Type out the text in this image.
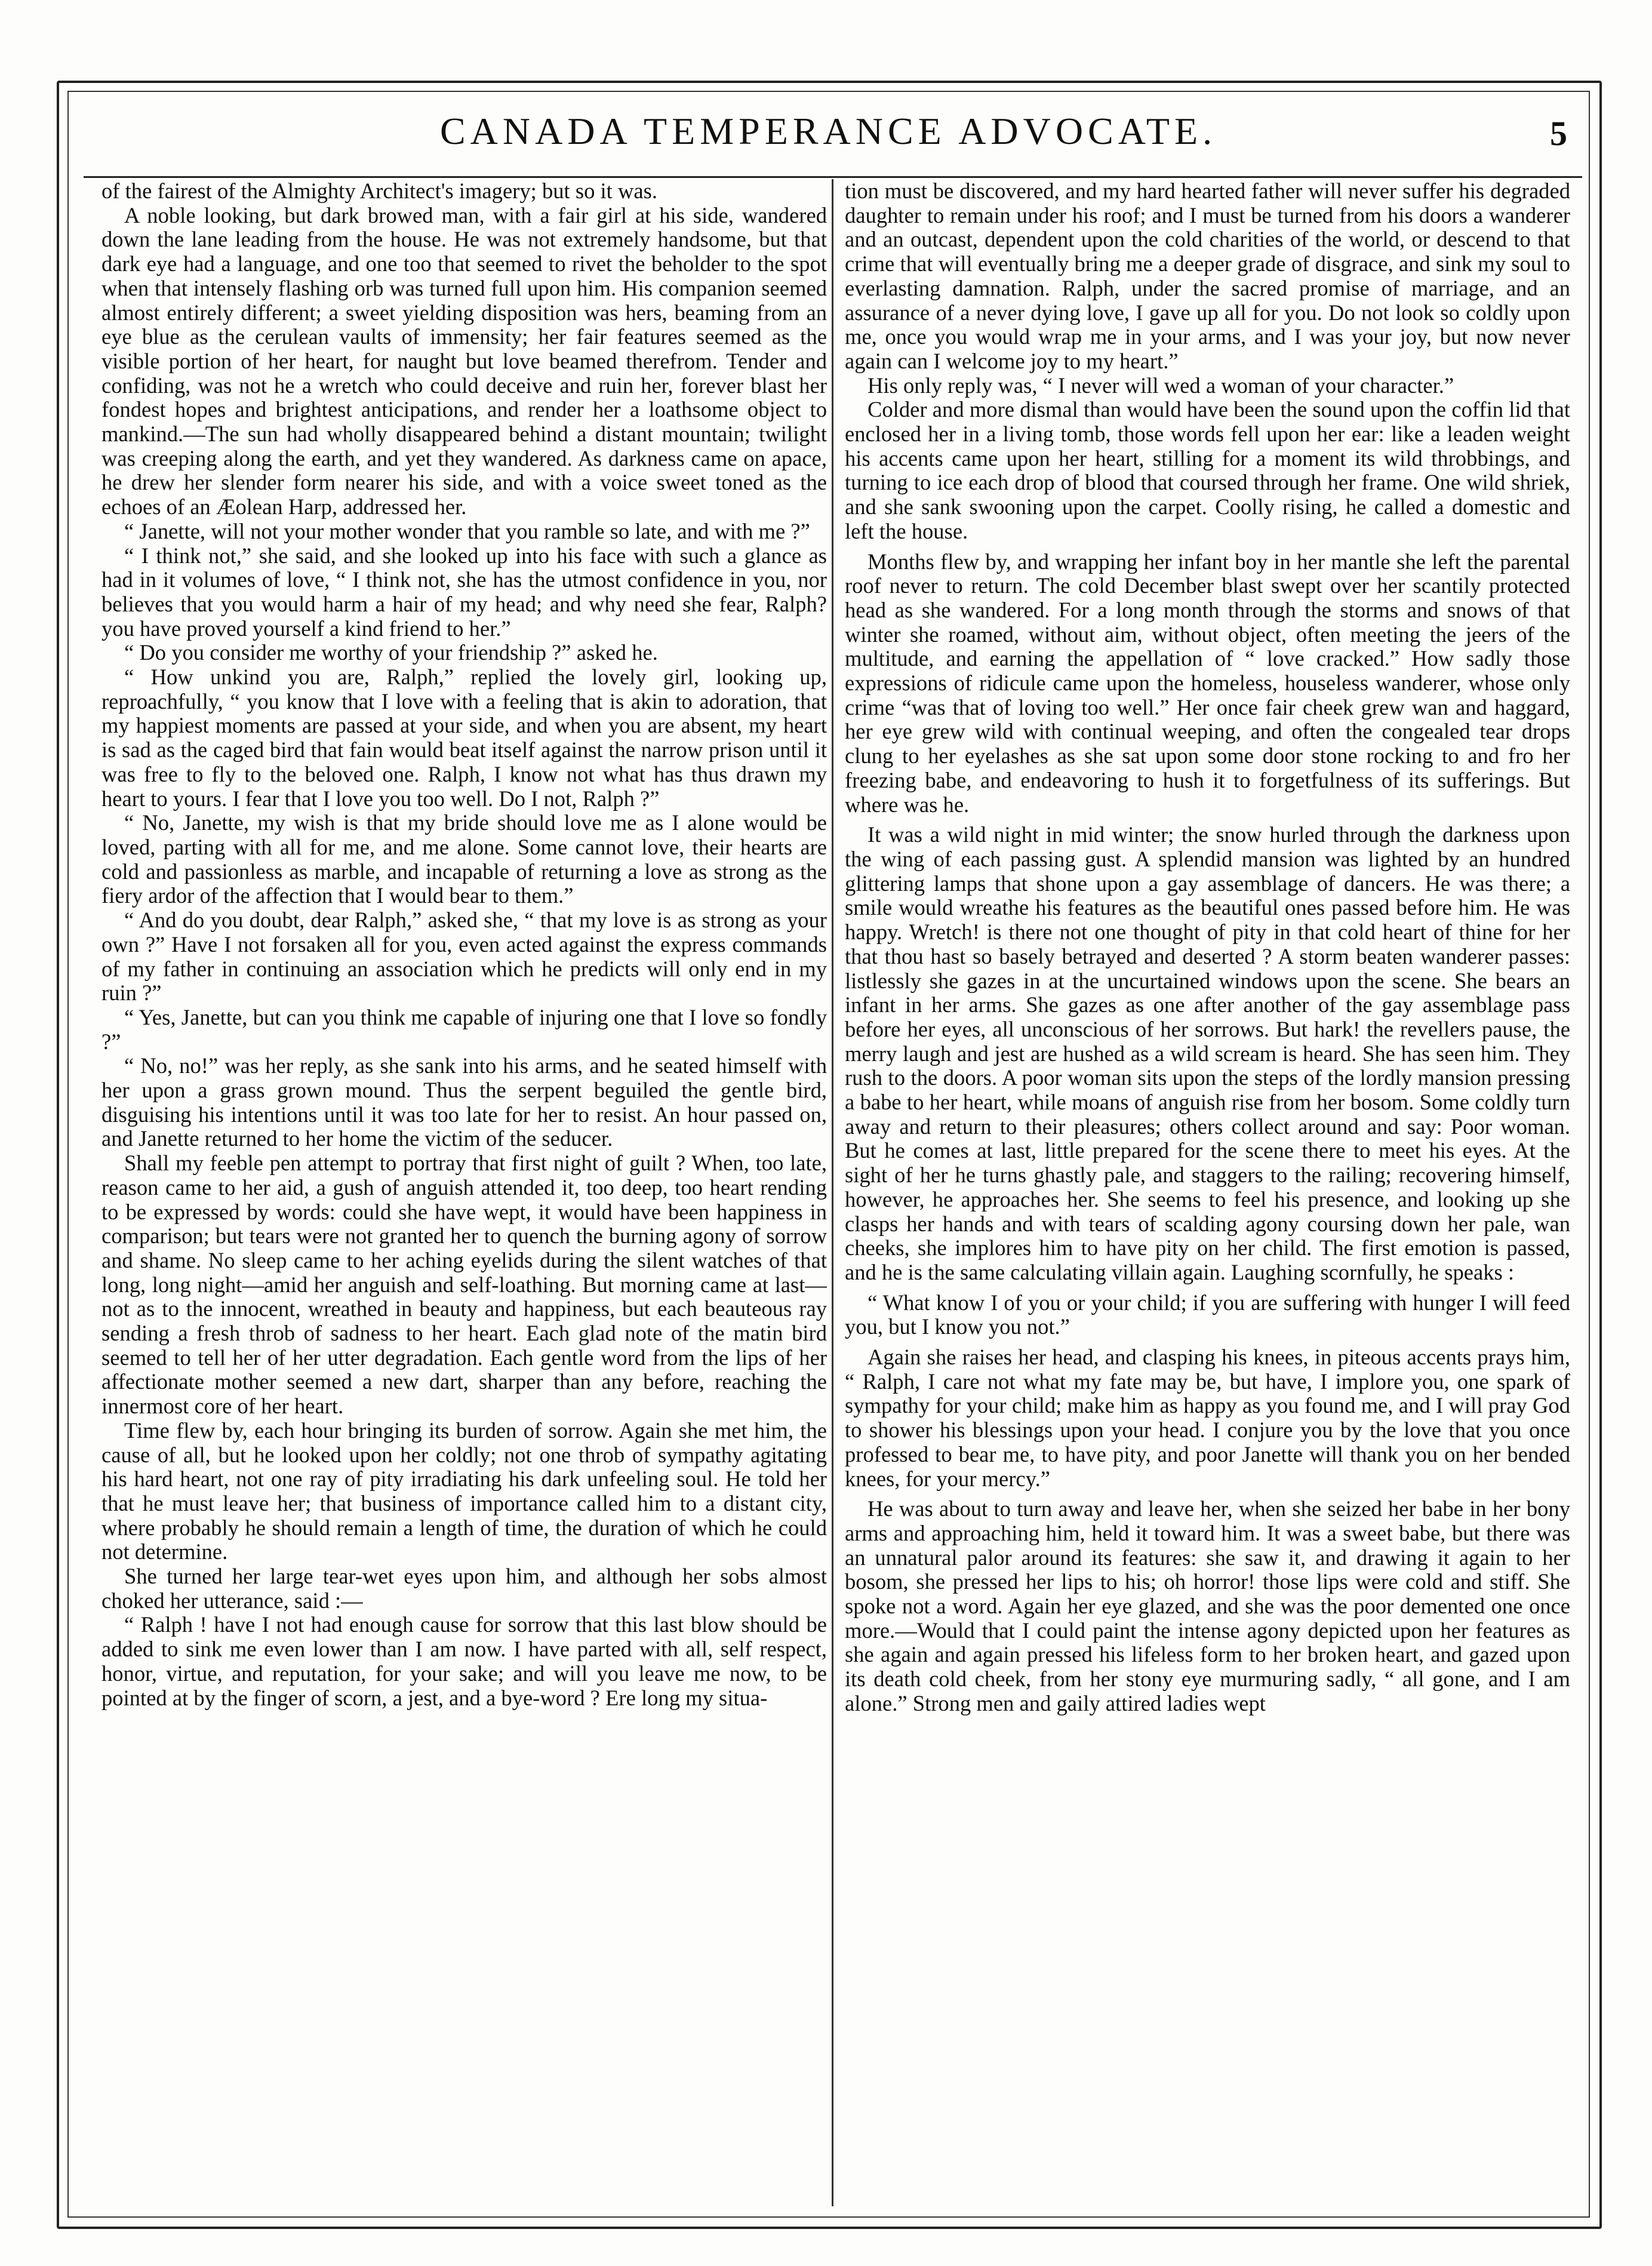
CANADA TEMPERANCE ADVOCATE.	5

of the fairest of the Almighty Architect's imagery; but so it was.

A noble looking, but dark browed man, with a fair girl at his side, wandered down the lane leading from the house. He was not extremely handsome, but that dark eye had a language, and one too that seemed to rivet the beholder to the spot when that intensely flashing orb was turned full upon him. His companion seemed almost entirely different; a sweet yielding disposition was hers, beaming from an eye blue as the cerulean vaults of immensity; her fair features seemed as the visible portion of her heart, for naught but love beamed therefrom. Tender and confiding, was not he a wretch who could deceive and ruin her, forever blast her fondest hopes and brightest anticipations, and render her a loathsome object to mankind.—The sun had wholly disappeared behind a distant mountain; twilight was creeping along the earth, and yet they wandered. As darkness came on apace, he drew her slender form nearer his side, and with a voice sweet toned as the echoes of an Æolean Harp, addressed her.

“ Janette, will not your mother wonder that you ramble so late, and with me ?”

“ I think not,” she said, and she looked up into his face with such a glance as had in it volumes of love, “ I think not, she has the utmost confidence in you, nor believes that you would harm a hair of my head; and why need she fear, Ralph? you have proved yourself a kind friend to her.”

“ Do you consider me worthy of your friendship ?” asked he.

“ How unkind you are, Ralph,” replied the lovely girl, looking up, reproachfully, “ you know that I love with a feeling that is akin to adoration, that my happiest moments are passed at your side, and when you are absent, my heart is sad as the caged bird that fain would beat itself against the narrow prison until it was free to fly to the beloved one. Ralph, I know not what has thus drawn my heart to yours. I fear that I love you too well. Do I not, Ralph ?”

“ No, Janette, my wish is that my bride should love me as I alone would be loved, parting with all for me, and me alone. Some cannot love, their hearts are cold and passionless as marble, and incapable of returning a love as strong as the fiery ardor of the affection that I would bear to them.”

“ And do you doubt, dear Ralph,” asked she, “ that my love is as strong as your own ?” Have I not forsaken all for you, even acted against the express commands of my father in continuing an association which he predicts will only end in my ruin ?”

“ Yes, Janette, but can you think me capable of injuring one that I love so fondly ?”

“ No, no!” was her reply, as she sank into his arms, and he seated himself with her upon a grass grown mound. Thus the serpent beguiled the gentle bird, disguising his intentions until it was too late for her to resist. An hour passed on, and Janette returned to her home the victim of the seducer.

Shall my feeble pen attempt to portray that first night of guilt ? When, too late, reason came to her aid, a gush of anguish attended it, too deep, too heart rending to be expressed by words: could she have wept, it would have been happiness in comparison; but tears were not granted her to quench the burning agony of sorrow and shame. No sleep came to her aching eyelids during the silent watches of that long, long night—amid her anguish and self-loathing. But morning came at last—not as to the innocent, wreathed in beauty and happiness, but each beauteous ray sending a fresh throb of sadness to her heart. Each glad note of the matin bird seemed to tell her of her utter degradation. Each gentle word from the lips of her affectionate mother seemed a new dart, sharper than any before, reaching the innermost core of her heart.

Time flew by, each hour bringing its burden of sorrow. Again she met him, the cause of all, but he looked upon her coldly; not one throb of sympathy agitating his hard heart, not one ray of pity irradiating his dark unfeeling soul. He told her that he must leave her; that business of importance called him to a distant city, where probably he should remain a length of time, the duration of which he could not determine.

She turned her large tear-wet eyes upon him, and although her sobs almost choked her utterance, said :—

“ Ralph ! have I not had enough cause for sorrow that this last blow should be added to sink me even lower than I am now. I have parted with all, self respect, honor, virtue, and reputation, for your sake; and will you leave me now, to be pointed at by the finger of scorn, a jest, and a bye-word ? Ere long my situa-

tion must be discovered, and my hard hearted father will never suffer his degraded daughter to remain under his roof; and I must be turned from his doors a wanderer and an outcast, dependent upon the cold charities of the world, or descend to that crime that will eventually bring me a deeper grade of disgrace, and sink my soul to everlasting damnation. Ralph, under the sacred promise of marriage, and an assurance of a never dying love, I gave up all for you. Do not look so coldly upon me, once you would wrap me in your arms, and I was your joy, but now never again can I welcome joy to my heart.”

His only reply was, “ I never will wed a woman of your character.”

Colder and more dismal than would have been the sound upon the coffin lid that enclosed her in a living tomb, those words fell upon her ear: like a leaden weight his accents came upon her heart, stilling for a moment its wild throbbings, and turning to ice each drop of blood that coursed through her frame. One wild shriek, and she sank swooning upon the carpet. Coolly rising, he called a domestic and left the house.

Months flew by, and wrapping her infant boy in her mantle she left the parental roof never to return. The cold December blast swept over her scantily protected head as she wandered. For a long month through the storms and snows of that winter she roamed, without aim, without object, often meeting the jeers of the multitude, and earning the appellation of “ love cracked.” How sadly those expressions of ridicule came upon the homeless, houseless wanderer, whose only crime “was that of loving too well.” Her once fair cheek grew wan and haggard, her eye grew wild with continual weeping, and often the congealed tear drops clung to her eyelashes as she sat upon some door stone rocking to and fro her freezing babe, and endeavoring to hush it to forgetfulness of its sufferings. But where was he.

It was a wild night in mid winter; the snow hurled through the darkness upon the wing of each passing gust. A splendid mansion was lighted by an hundred glittering lamps that shone upon a gay assemblage of dancers. He was there; a smile would wreathe his features as the beautiful ones passed before him. He was happy. Wretch! is there not one thought of pity in that cold heart of thine for her that thou hast so basely betrayed and deserted ? A storm beaten wanderer passes: listlessly she gazes in at the uncurtained windows upon the scene. She bears an infant in her arms. She gazes as one after another of the gay assemblage pass before her eyes, all unconscious of her sorrows. But hark! the revellers pause, the merry laugh and jest are hushed as a wild scream is heard. She has seen him. They rush to the doors. A poor woman sits upon the steps of the lordly mansion pressing a babe to her heart, while moans of anguish rise from her bosom. Some coldly turn away and return to their pleasures; others collect around and say: Poor woman. But he comes at last, little prepared for the scene there to meet his eyes. At the sight of her he turns ghastly pale, and staggers to the railing; recovering himself, however, he approaches her. She seems to feel his presence, and looking up she clasps her hands and with tears of scalding agony coursing down her pale, wan cheeks, she implores him to have pity on her child. The first emotion is passed, and he is the same calculating villain again. Laughing scornfully, he speaks :

“ What know I of you or your child; if you are suffering with hunger I will feed you, but I know you not.”

Again she raises her head, and clasping his knees, in piteous accents prays him, “ Ralph, I care not what my fate may be, but have, I implore you, one spark of sympathy for your child; make him as happy as you found me, and I will pray God to shower his blessings upon your head. I conjure you by the love that you once professed to bear me, to have pity, and poor Janette will thank you on her bended knees, for your mercy.”

He was about to turn away and leave her, when she seized her babe in her bony arms and approaching him, held it toward him. It was a sweet babe, but there was an unnatural palor around its features: she saw it, and drawing it again to her bosom, she pressed her lips to his; oh horror! those lips were cold and stiff. She spoke not a word. Again her eye glazed, and she was the poor demented one once more.—Would that I could paint the intense agony depicted upon her features as she again and again pressed his lifeless form to her broken heart, and gazed upon its death cold cheek, from her stony eye murmuring sadly, “ all gone, and I am alone.” Strong men and gaily attired ladies wept
